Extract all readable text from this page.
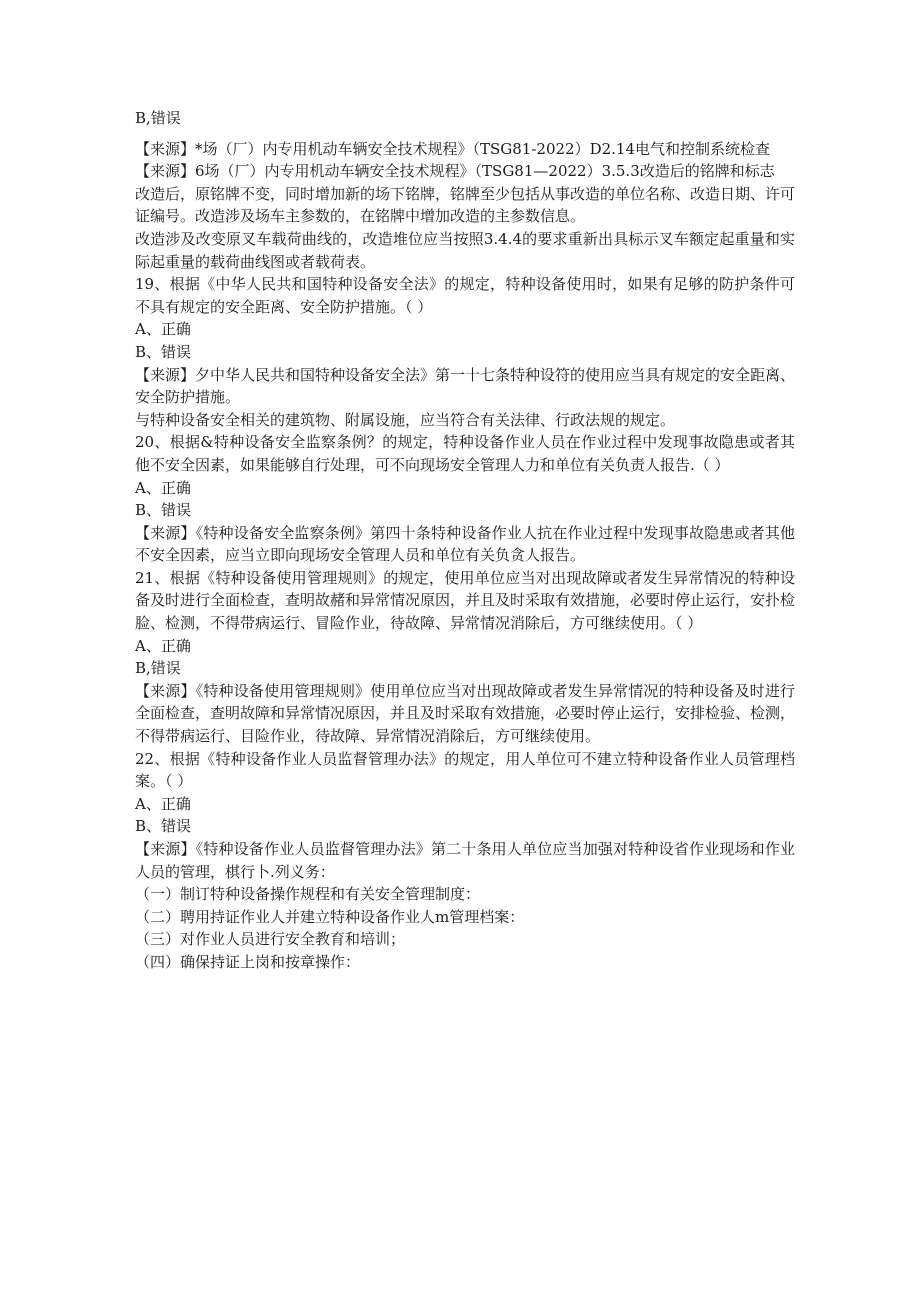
B,错误

【来源】*场（厂）内专用机动车辆安全技术规程》（TSG81-2022）D2.14电气和控制系统检查

【来源】6场（厂）内专用机动车辆安全技术规程》（TSG81—2022）3.5.3改造后的铭牌和标志

改造后，原铭牌不变，同时增加新的场下铭牌，铭牌至少包括从事改造的单位名称、改造日期、许可证编号。改造涉及场车主参数的，在铭牌中增加改造的主参数信息。

改造涉及改变原叉车载荷曲线的，改造堆位应当按照3.4.4的要求重新出具标示叉车额定起重量和实际起重量的载荷曲线图或者载荷表。

19、根据《中华人民共和国特种设备安全法》的规定，特种设备使用时，如果有足够的防护条件可不具有规定的安全距离、安全防护措施。（ ）

A、正确

B、错误

【来源】夕中华人民共和国特种设备安全法》第一十七条特种设符的使用应当具有规定的安全距离、安全防护措施。

与特种设备安全相关的建筑物、附属设施，应当符合有关法律、行政法规的规定。

20、根据&特种设备安全监察条例？的规定，特种设备作业人员在作业过程中发现事故隐患或者其他不安全因素，如果能够自行处理，可不向现场安全管理人力和单位有关负责人报告.（ ）

A、正确

B、错误

【来源】《特种设备安全监察条例》第四十条特种设备作业人抗在作业过程中发现事故隐患或者其他不安全因素，应当立即向现场安全管理人员和单位有关负贪人报告。

21、根据《特种设备使用管理规则》的规定，使用单位应当对出现故障或者发生异常情况的特种设备及时进行全面检查，查明故赭和异常情况原因，并且及时采取有效措施，必要时停止运行，安扑检脸、检测，不得带病运行、冒险作业，待故障、异常情况消除后，方可继续使用。（ ）

A、正确

B,错误

【来源】《特种设备使用管理规则》使用单位应当对出现故障或者发生异常情况的特种设备及时进行全面检查，查明故障和异常情况原因，并且及时采取有效措施，必要时停止运行，安排检验、检测，不得带病运行、目险作业，待故障、异常情况消除后，方可继续使用。

22、根据《特种设备作业人员监督管理办法》的规定，用人单位可不建立特种设备作业人员管理档案。（ ）

A、正确

B、错误

【来源】《特种设备作业人员监督管理办法》第二十条用人单位应当加强对特种设省作业现场和作业人员的管理，棋行卜.列义务：

（一）制订特种设备操作规程和有关安全管理制度：

（二）聘用持证作业人并建立特种设备作业人m管理档案：

（三）对作业人员进行安全教育和培训；

（四）确保持证上岗和按章操作：
